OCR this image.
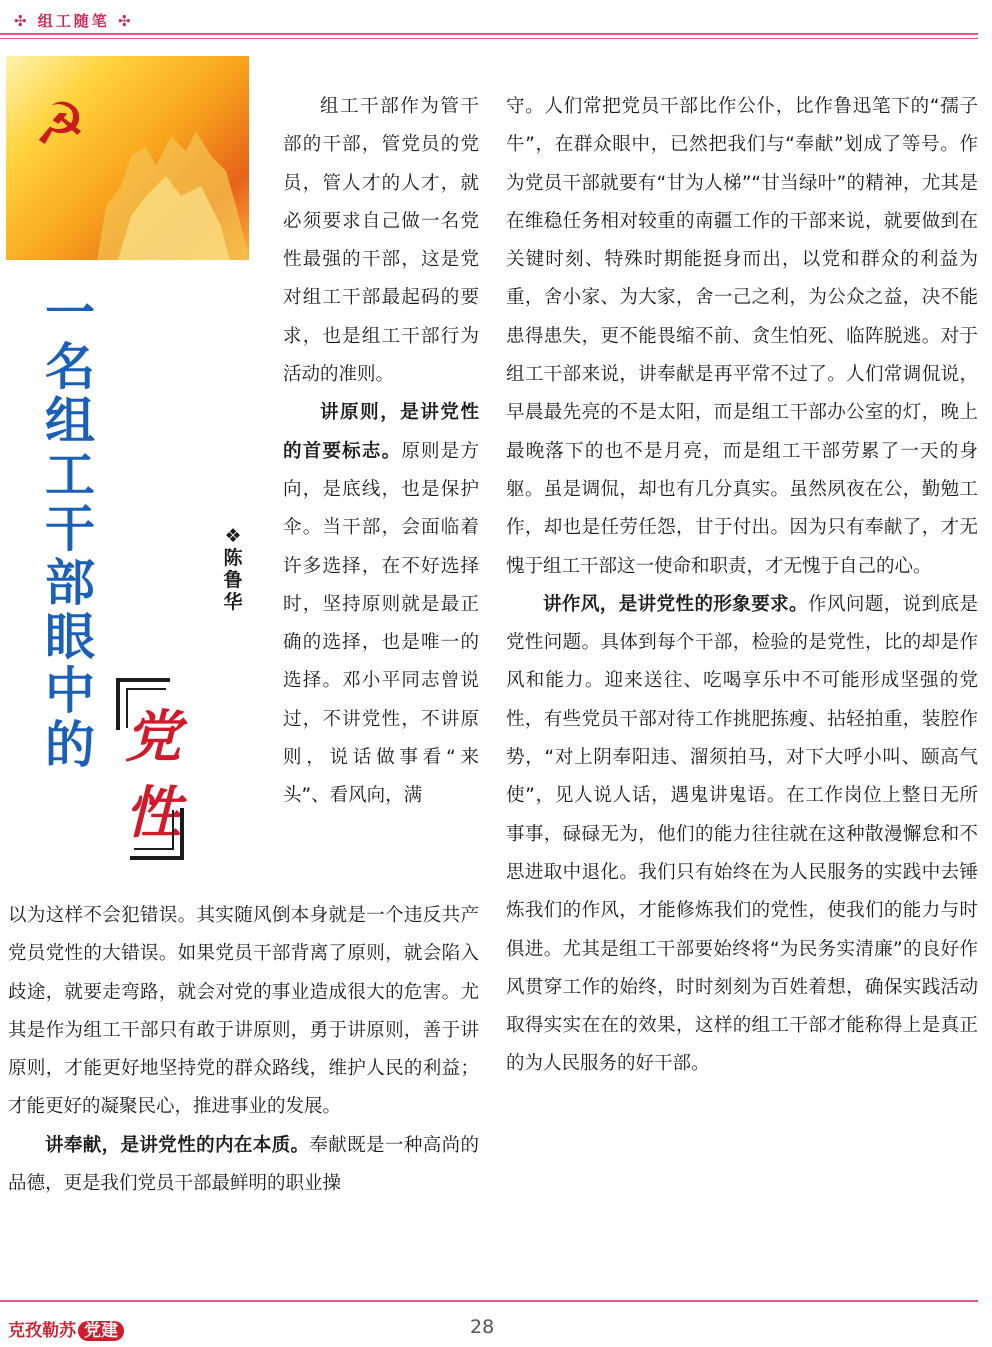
✣ 组工随笔 ✣
☭
一
名
组
工
干
部
眼
中
的 党
性
❖
陈
鲁
华

组工干部作为管干部的干部，管党员的党员，管人才的人才，就必须要求自己做一名党性最强的干部，这是党对组工干部最起码的要求，也是组工干部行为活动的准则。

讲原则，是讲党性的首要标志。原则是方向，是底线，也是保护伞。当干部，会面临着许多选择，在不好选择时，坚持原则就是最正确的选择，也是唯一的选择。邓小平同志曾说过，不讲党性，不讲原则，说话做事看“来头”、看风向，满

以为这样不会犯错误。其实随风倒本身就是一个违反共产党员党性的大错误。如果党员干部背离了原则，就会陷入歧途，就要走弯路，就会对党的事业造成很大的危害。尤其是作为组工干部只有敢于讲原则，勇于讲原则，善于讲原则，才能更好地坚持党的群众路线，维护人民的利益；才能更好的凝聚民心，推进事业的发展。

讲奉献，是讲党性的内在本质。奉献既是一种高尚的品德，更是我们党员干部最鲜明的职业操

守。人们常把党员干部比作公仆，比作鲁迅笔下的“孺子牛”，在群众眼中，已然把我们与“奉献”划成了等号。作为党员干部就要有“甘为人梯”“甘当绿叶”的精神，尤其是在维稳任务相对较重的南疆工作的干部来说，就要做到在关键时刻、特殊时期能挺身而出，以党和群众的利益为重，舍小家、为大家，舍一己之利，为公众之益，决不能患得患失，更不能畏缩不前、贪生怕死、临阵脱逃。对于组工干部来说，讲奉献是再平常不过了。人们常调侃说，早晨最先亮的不是太阳，而是组工干部办公室的灯，晚上最晚落下的也不是月亮，而是组工干部劳累了一天的身躯。虽是调侃，却也有几分真实。虽然夙夜在公，勤勉工作，却也是任劳任怨，甘于付出。因为只有奉献了，才无愧于组工干部这一使命和职责，才无愧于自己的心。

讲作风，是讲党性的形象要求。作风问题，说到底是党性问题。具体到每个干部，检验的是党性，比的却是作风和能力。迎来送往、吃喝享乐中不可能形成坚强的党性，有些党员干部对待工作挑肥拣瘦、拈轻拍重，装腔作势，“对上阴奉阳违、溜须拍马，对下大呼小叫、颐高气使”，见人说人话，遇鬼讲鬼语。在工作岗位上整日无所事事，碌碌无为，他们的能力往往就在这种散漫懈怠和不思进取中退化。我们只有始终在为人民服务的实践中去锤炼我们的作风，才能修炼我们的党性，使我们的能力与时俱进。尤其是组工干部要始终将“为民务实清廉”的良好作风贯穿工作的始终，时时刻刻为百姓着想，确保实践活动取得实实在在的效果，这样的组工干部才能称得上是真正的为人民服务的好干部。

克孜勒苏 党建	28
